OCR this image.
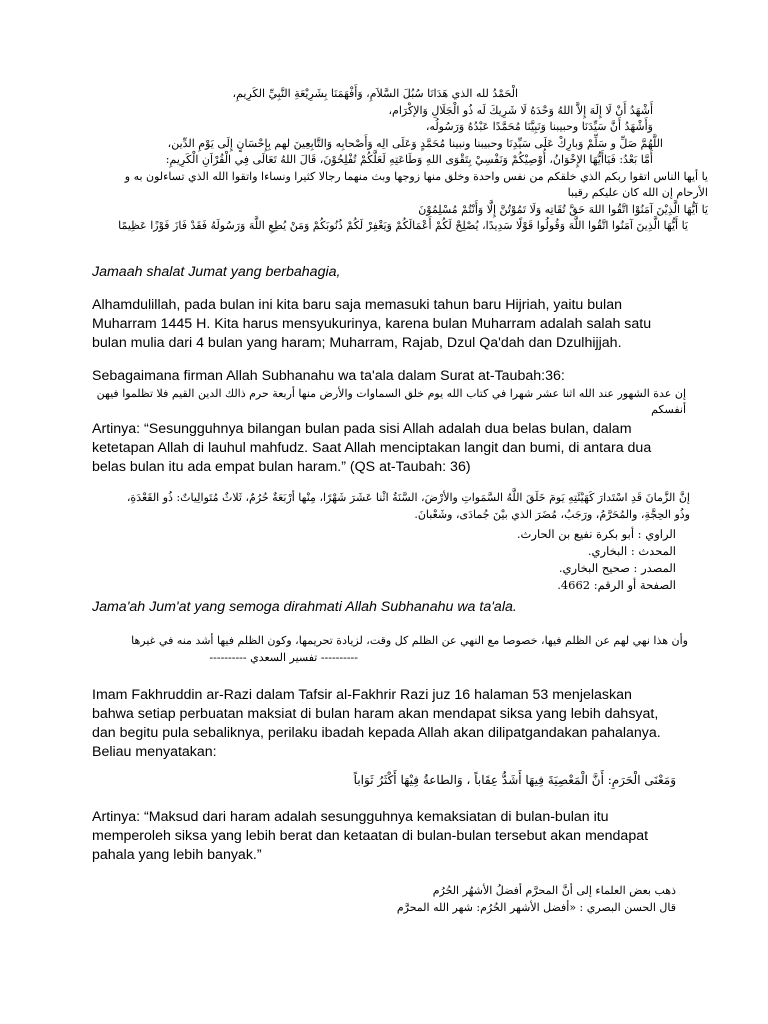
الْحَمْدُ لله الذي هَدَانَا سُبُلَ السَّلاَمِ، وَأَفْهَمَنَا بِشَرِيْعَةِ النَّبِيِّ الكَرِيمِ،
أَشْهَدُ أَنْ لَا إِلَهَ إِلاَّ اللهُ وَحْدَهُ لَا شَرِيكَ لَه ذُو الْجَلَالِ وَالإكْرَام،
وَأَشْهَدُ أَنَّ سَيِّدَنَا وحبيبنا وَنَبِيَّنَا مُحَمَّدًا عَبْدُهُ وَرَسُولُه،
اللَّهُمَّ صَلِّ و سَلِّمْ وَبارِكْ عَلَى سَيِّدِنَا وحبيبنا ونبينا مُحَمَّدٍ وَعَلَى الِه وَأَصْحابِه وَالتَّابِعِينَ لهم بِإِحْسَانٍ إِلَى يَوْمِ الدِّين،
أَمَّا بَعْدُ: فَيَاأَيُّهَا الإِخْوَانُ، أُوْصِيْكُمْ وَنَفْسِيْ بِتَقْوَى اللهِ وَطَاعَتِهِ لَعَلَّكُمْ تُفْلِحُوْنَ، قَالَ اللهُ تَعَالَى فِي الْقُرْاَنِ الْكَرِيمِ:
يا أيها الناس اتقوا ربكم الذي خلقكم من نفس واحدة وخلق منها زوجها وبث منهما رجالا كثيرا ونساءا واتقوا الله الذي تساءلون به و
الأرحام إن الله كان عليكم رقيبا
يَا اَيُّهَا الَّذِيْنَ آمَنُوْا اتَّقُوا اللهَ حَقَّ تُقَاتِه وَلَا تَمُوْتُنَّ إِلَّا وَأَنْتُمْ مُسْلِمُوْنَ
يَا أَيُّهَا الَّذِينَ آمَنُوا اتَّقُوا اللَّهَ وَقُولُوا قَوْلًا سَدِيدًا، يُصْلِحْ لَكُمْ أَعْمَالَكُمْ وَيَغْفِرْ لَكُمْ ذُنُوبَكُمْ وَمَنْ يُطِعِ اللَّهَ وَرَسُولَهُ فَقَدْ فَازَ فَوْزًا عَظِيمًا
Jamaah shalat Jumat yang berbahagia,
Alhamdulillah, pada bulan ini kita baru saja memasuki tahun baru Hijriah, yaitu bulan
Muharram 1445 H. Kita harus mensyukurinya, karena bulan Muharram adalah salah satu
bulan mulia dari 4 bulan yang haram; Muharram, Rajab, Dzul Qa'dah dan Dzulhijjah.
Sebagaimana firman Allah Subhanahu wa ta'ala dalam Surat at-Taubah:36:
إن عدة الشهور عند الله اثنا عشر شهرا في كتاب الله يوم خلق السماوات والأرض منها أربعة حرم ذالك الدين القيم فلا تظلموا فيهن
أنفسكم
Artinya: “Sesungguhnya bilangan bulan pada sisi Allah adalah dua belas bulan, dalam
ketetapan Allah di lauhul mahfudz. Saat Allah menciptakan langit dan bumi, di antara dua
belas bulan itu ada empat bulan haram.” (QS at-Taubah: 36)
إنَّ الزَّمانَ قَدِ اسْتَدارَ كَهَيْئَتِهِ يَومَ خَلَقَ اللَّهُ السَّمَواتِ والأرْضَ، السَّنَةُ اثْنا عَشَرَ شَهْرًا، مِنْها أرْبَعَةٌ حُرُمٌ، ثَلاثٌ مُتَوالِياتٌ: ذُو القَعْدَةِ،
وذُو الحِجَّةِ، والمُحَرَّمُ، ورَجَبُ، مُضَرَ الذي بيْنَ جُمادَى، وشَعْبانَ.
الراوي : أبو بكرة نفيع بن الحارث.
المحدث : البخاري.
المصدر : صحيح البخاري.
الصفحة أو الرقم: 4662.
Jama'ah Jum'at yang semoga dirahmati Allah Subhanahu wa ta'ala.
وأن هذا نهي لهم عن الظلم فيها، خصوصا مع النهي عن الظلم كل وقت، لزيادة تحريمها، وكون الظلم فيها أشد منه في غيرها
---------- تفسير السعدي ----------
Imam Fakhruddin ar-Razi dalam Tafsir al-Fakhrir Razi juz 16 halaman 53 menjelaskan
bahwa setiap perbuatan maksiat di bulan haram akan mendapat siksa yang lebih dahsyat,
dan begitu pula sebaliknya, perilaku ibadah kepada Allah akan dilipatgandakan pahalanya.
Beliau menyatakan:
وَمَعْنَى الْحَرَمِ: أَنَّ الْمَعْصِيَةَ فِيهَا أَشَدُّ عِقَاباً ، وَالطاعةُ فِيْهَا أَكْثَرُ ثَوَاباً
Artinya: “Maksud dari haram adalah sesungguhnya kemaksiatan di bulan-bulan itu
memperoleh siksa yang lebih berat dan ketaatan di bulan-bulan tersebut akan mendapat
pahala yang lebih banyak.”
ذهب بعض العلماء إلى أنَّ المحرَّم أفضلُ الأشهُر الحُرُم
قال الحسن البصري : «أفضل الأشهر الحُرُم: شهر الله المحرَّم
